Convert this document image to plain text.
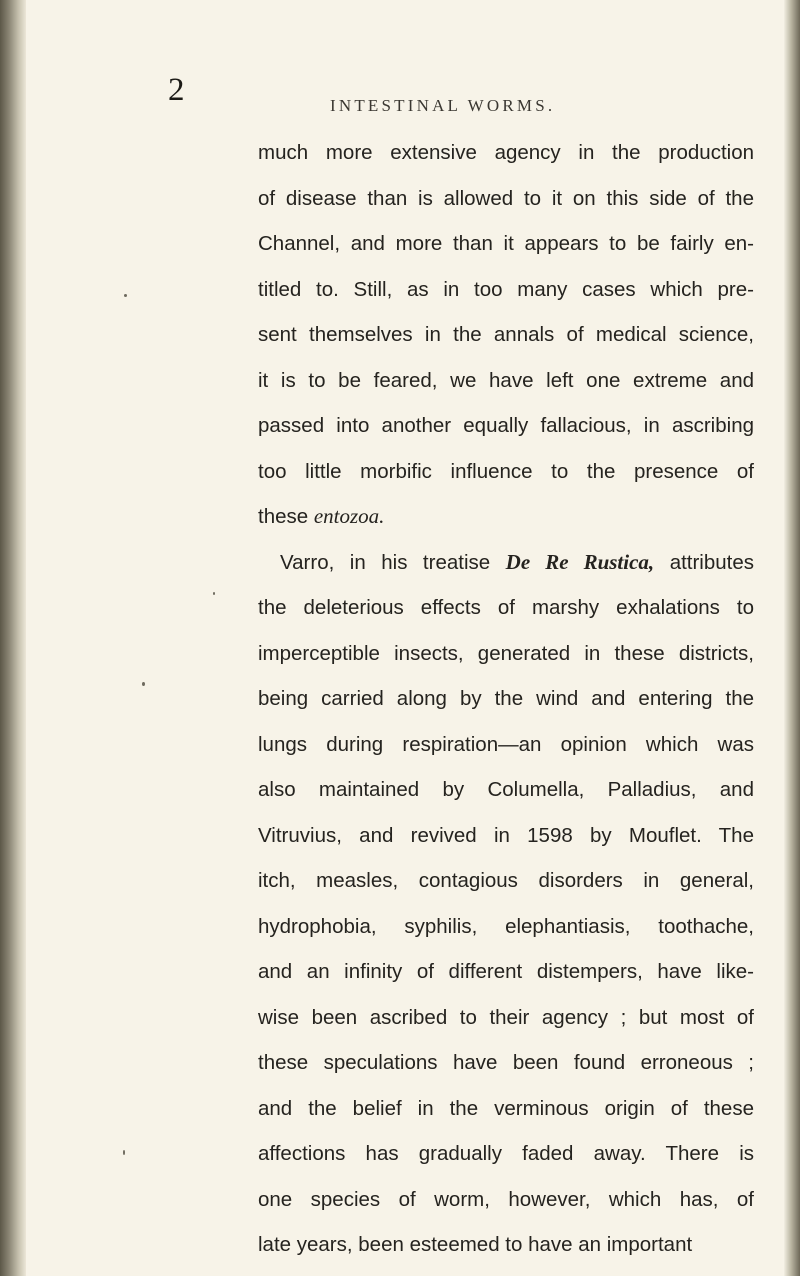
2	INTESTINAL WORMS.
much more extensive agency in the production
of disease than is allowed to it on this side of the
Channel, and more than it appears to be fairly en-
titled to. Still, as in too many cases which pre-
sent themselves in the annals of medical science,
it is to be feared, we have left one extreme and
passed into another equally fallacious, in ascribing
too little morbific influence to the presence of
these entozoa.
Varro, in his treatise De Re Rustica, attributes
the deleterious effects of marshy exhalations to
imperceptible insects, generated in these districts,
being carried along by the wind and entering the
lungs during respiration—an opinion which was
also maintained by Columella, Palladius, and
Vitruvius, and revived in 1598 by Mouflet. The
itch, measles, contagious disorders in general,
hydrophobia, syphilis, elephantiasis, toothache,
and an infinity of different distempers, have like-
wise been ascribed to their agency ; but most of
these speculations have been found erroneous ;
and the belief in the verminous origin of these
affections has gradually faded away. There is
one species of worm, however, which has, of
late years, been esteemed to have an important
